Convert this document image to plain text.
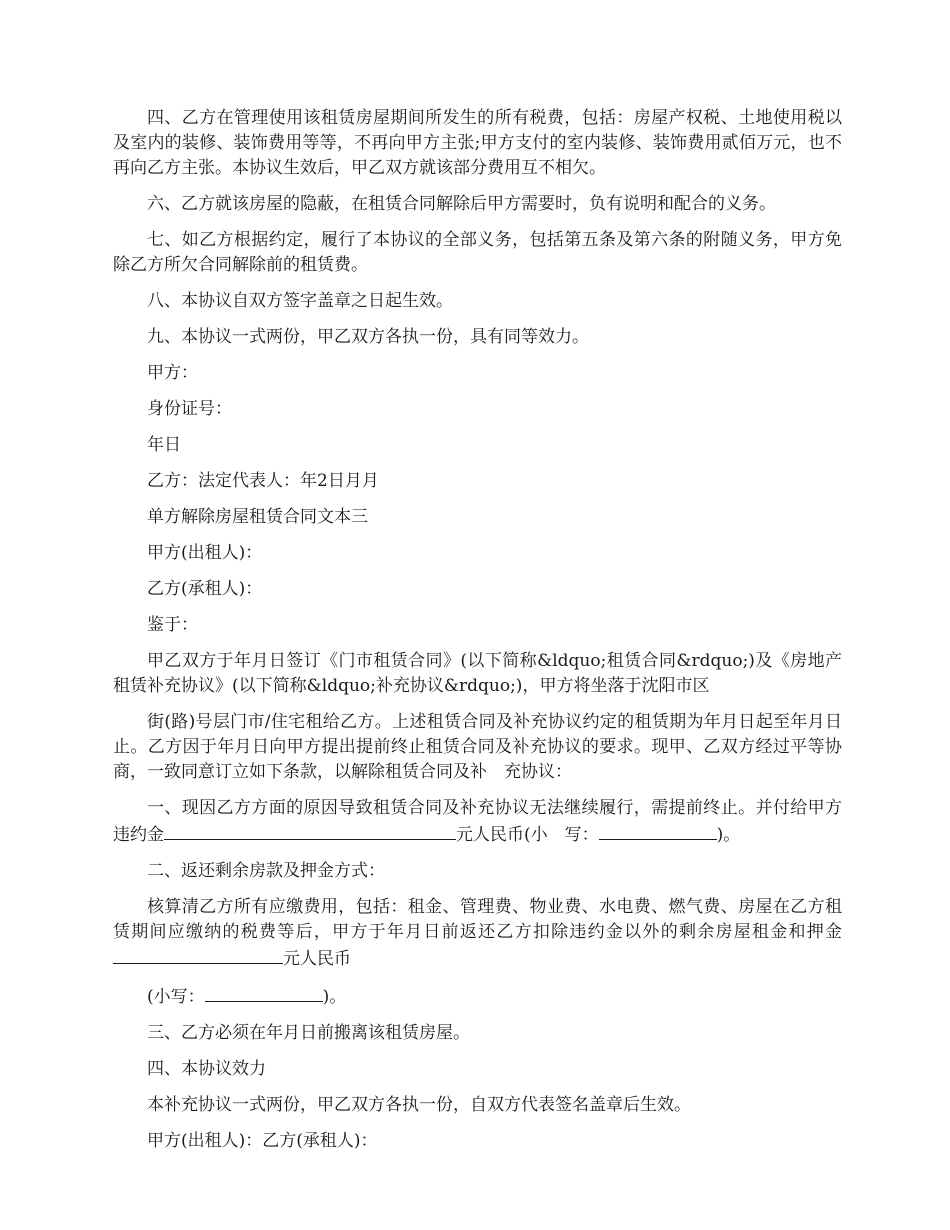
四、乙方在管理使用该租赁房屋期间所发生的所有税费，包括：房屋产权税、土地使用税以及室内的装修、装饰费用等等，不再向甲方主张;甲方支付的室内装修、装饰费用贰佰万元，也不再向乙方主张。本协议生效后，甲乙双方就该部分费用互不相欠。

六、乙方就该房屋的隐蔽，在租赁合同解除后甲方需要时，负有说明和配合的义务。

七、如乙方根据约定，履行了本协议的全部义务，包括第五条及第六条的附随义务，甲方免除乙方所欠合同解除前的租赁费。

八、本协议自双方签字盖章之日起生效。

九、本协议一式两份，甲乙双方各执一份，具有同等效力。

甲方：

身份证号：

年日

乙方：法定代表人：年2日月月

单方解除房屋租赁合同文本三

甲方(出租人)：

乙方(承租人)：

鉴于：

甲乙双方于年月日签订《门市租赁合同》(以下简称&ldquo;租赁合同&rdquo;)及《房地产租赁补充协议》(以下简称&ldquo;补充协议&rdquo;)，甲方将坐落于沈阳市区

街(路)号层门市/住宅租给乙方。上述租赁合同及补充协议约定的租赁期为年月日起至年月日止。乙方因于年月日向甲方提出提前终止租赁合同及补充协议的要求。现甲、乙双方经过平等协商，一致同意订立如下条款，以解除租赁合同及补　充协议：

一、现因乙方方面的原因导致租赁合同及补充协议无法继续履行，需提前终止。并付给甲方违约金	元人民币(小　写：	)。

二、返还剩余房款及押金方式：

核算清乙方所有应缴费用，包括：租金、管理费、物业费、水电费、燃气费、房屋在乙方租赁期间应缴纳的税费等后，甲方于年月日前返还乙方扣除违约金以外的剩余房屋租金和押金元人民币

(小写：	)。

三、乙方必须在年月日前搬离该租赁房屋。

四、本协议效力

本补充协议一式两份，甲乙双方各执一份，自双方代表签名盖章后生效。

甲方(出租人)：乙方(承租人)：
